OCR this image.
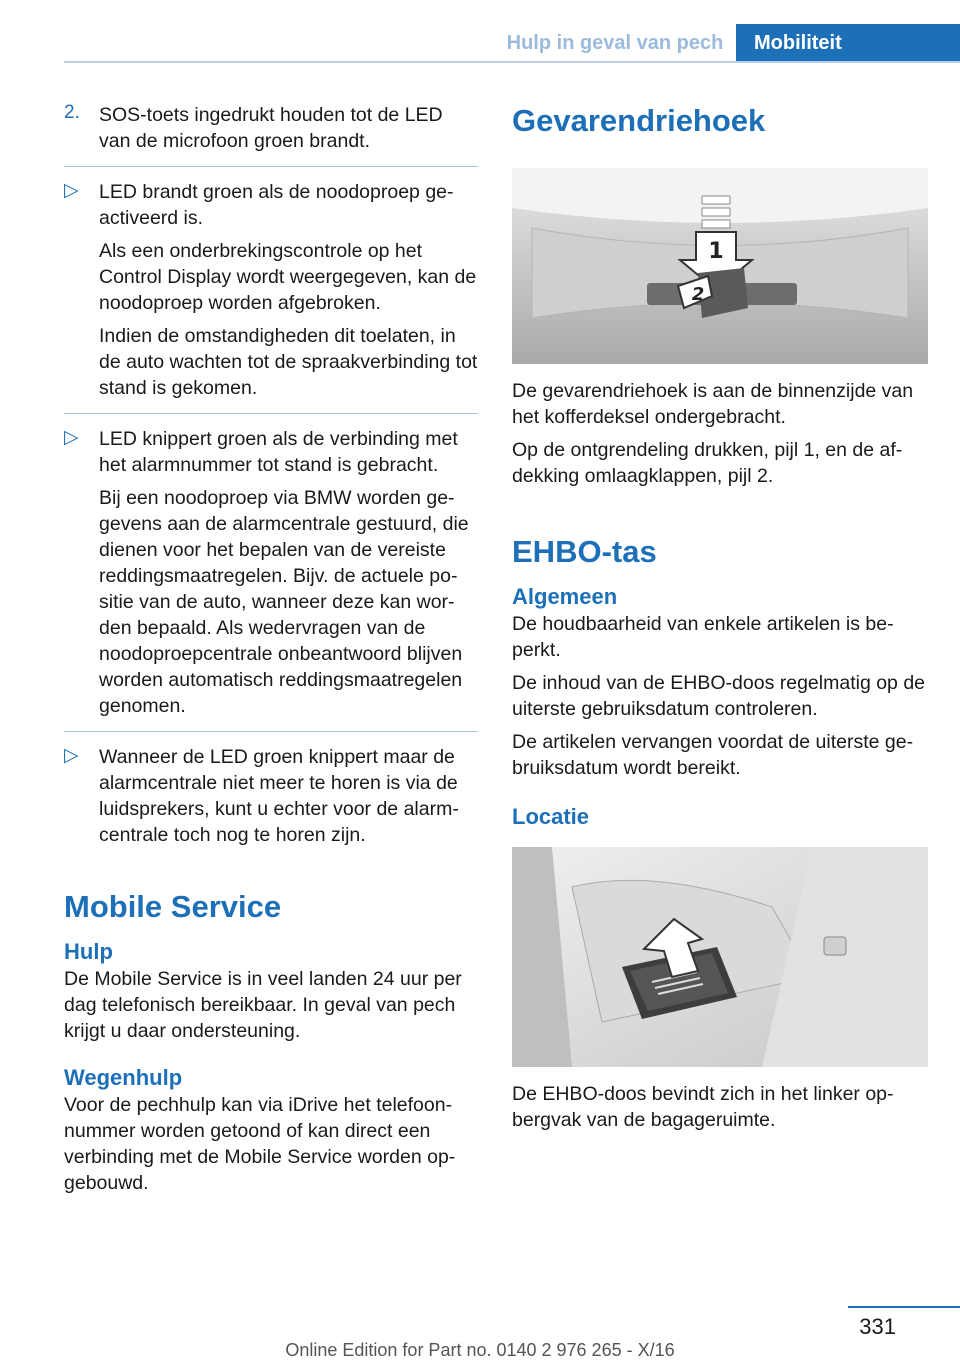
Hulp in geval van pech	Mobiliteit
2. SOS-toets ingedrukt houden tot de LED van de microfoon groen brandt.

▷ LED brandt groen als de noodoproep ge- activeerd is.

Als een onderbrekingscontrole op het Control Display wordt weergegeven, kan de noodoproep worden afgebroken.

Indien de omstandigheden dit toelaten, in de auto wachten tot de spraakverbinding tot stand is gekomen.

▷ LED knippert groen als de verbinding met het alarmnummer tot stand is gebracht.

Bij een noodoproep via BMW worden ge- gevens aan de alarmcentrale gestuurd, die dienen voor het bepalen van de vereiste reddingsmaatregelen. Bijv. de actuele po- sitie van de auto, wanneer deze kan wor- den bepaald. Als wedervragen van de noodoproepcentrale onbeantwoord blijven worden automatisch reddingsmaatregelen genomen.

▷ Wanneer de LED groen knippert maar de alarmcentrale niet meer te horen is via de luidsprekers, kunt u echter voor de alarm- centrale toch nog te horen zijn.

Mobile Service
Hulp

De Mobile Service is in veel landen 24 uur per dag telefonisch bereikbaar. In geval van pech krijgt u daar ondersteuning.

Wegenhulp

Voor de pechhulp kan via iDrive het telefoon- nummer worden getoond of kan direct een verbinding met de Mobile Service worden op- gebouwd.

Gevarendriehoek
1
2

De gevarendriehoek is aan de binnenzijde van het kofferdeksel ondergebracht.

Op de ontgrendeling drukken, pijl 1, en de af- dekking omlaagklappen, pijl 2.

EHBO-tas
Algemeen

De houdbaarheid van enkele artikelen is be- perkt.

De inhoud van de EHBO-doos regelmatig op de uiterste gebruiksdatum controleren.

De artikelen vervangen voordat de uiterste ge- bruiksdatum wordt bereikt.

Locatie

De EHBO-doos bevindt zich in het linker op- bergvak van de bagageruimte.

331
Online Edition for Part no. 0140 2 976 265 - X/16
